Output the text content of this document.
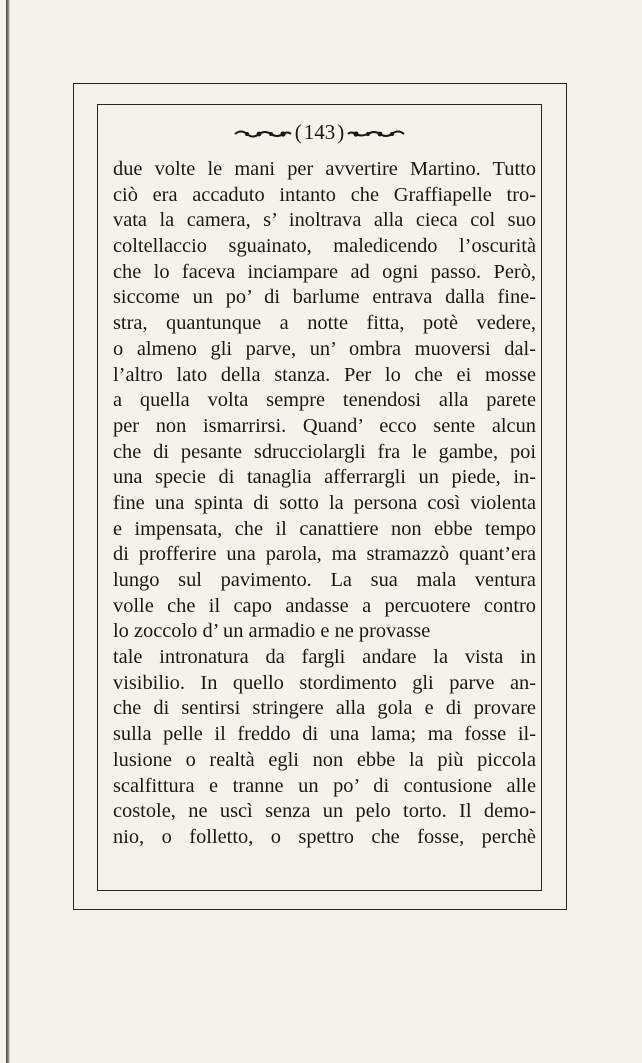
(143)
due volte le mani per avvertire Martino. Tutto
ciò era accaduto intanto che Graffiapelle tro-
vata la camera, s’ inoltrava alla cieca col suo
coltellaccio sguainato, maledicendo l’oscurità
che lo faceva inciampare ad ogni passo. Però,
siccome un po’ di barlume entrava dalla fine-
stra, quantunque a notte fitta, potè vedere,
o almeno gli parve, un’ ombra muoversi dal-
l’altro lato della stanza. Per lo che ei mosse
a quella volta sempre tenendosi alla parete
per non ismarrirsi. Quand’ ecco sente alcun
che di pesante sdrucciolargli fra le gambe, poi
una specie di tanaglia afferrargli un piede, in-
fine una spinta di sotto la persona così violenta
e impensata, che il canattiere non ebbe tempo
di profferire una parola, ma stramazzò quant’era
lungo sul pavimento. La sua mala ventura
volle che il capo andasse a percuotere contro
lo zoccolo d’ un armadio e ne provasse
tale intronatura da fargli andare la vista in
visibilio. In quello stordimento gli parve an-
che di sentirsi stringere alla gola e di provare
sulla pelle il freddo di una lama; ma fosse il-
lusione o realtà egli non ebbe la più piccola
scalfittura e tranne un po’ di contusione alle
costole, ne uscì senza un pelo torto. Il demo-
nio, o folletto, o spettro che fosse, perchè
